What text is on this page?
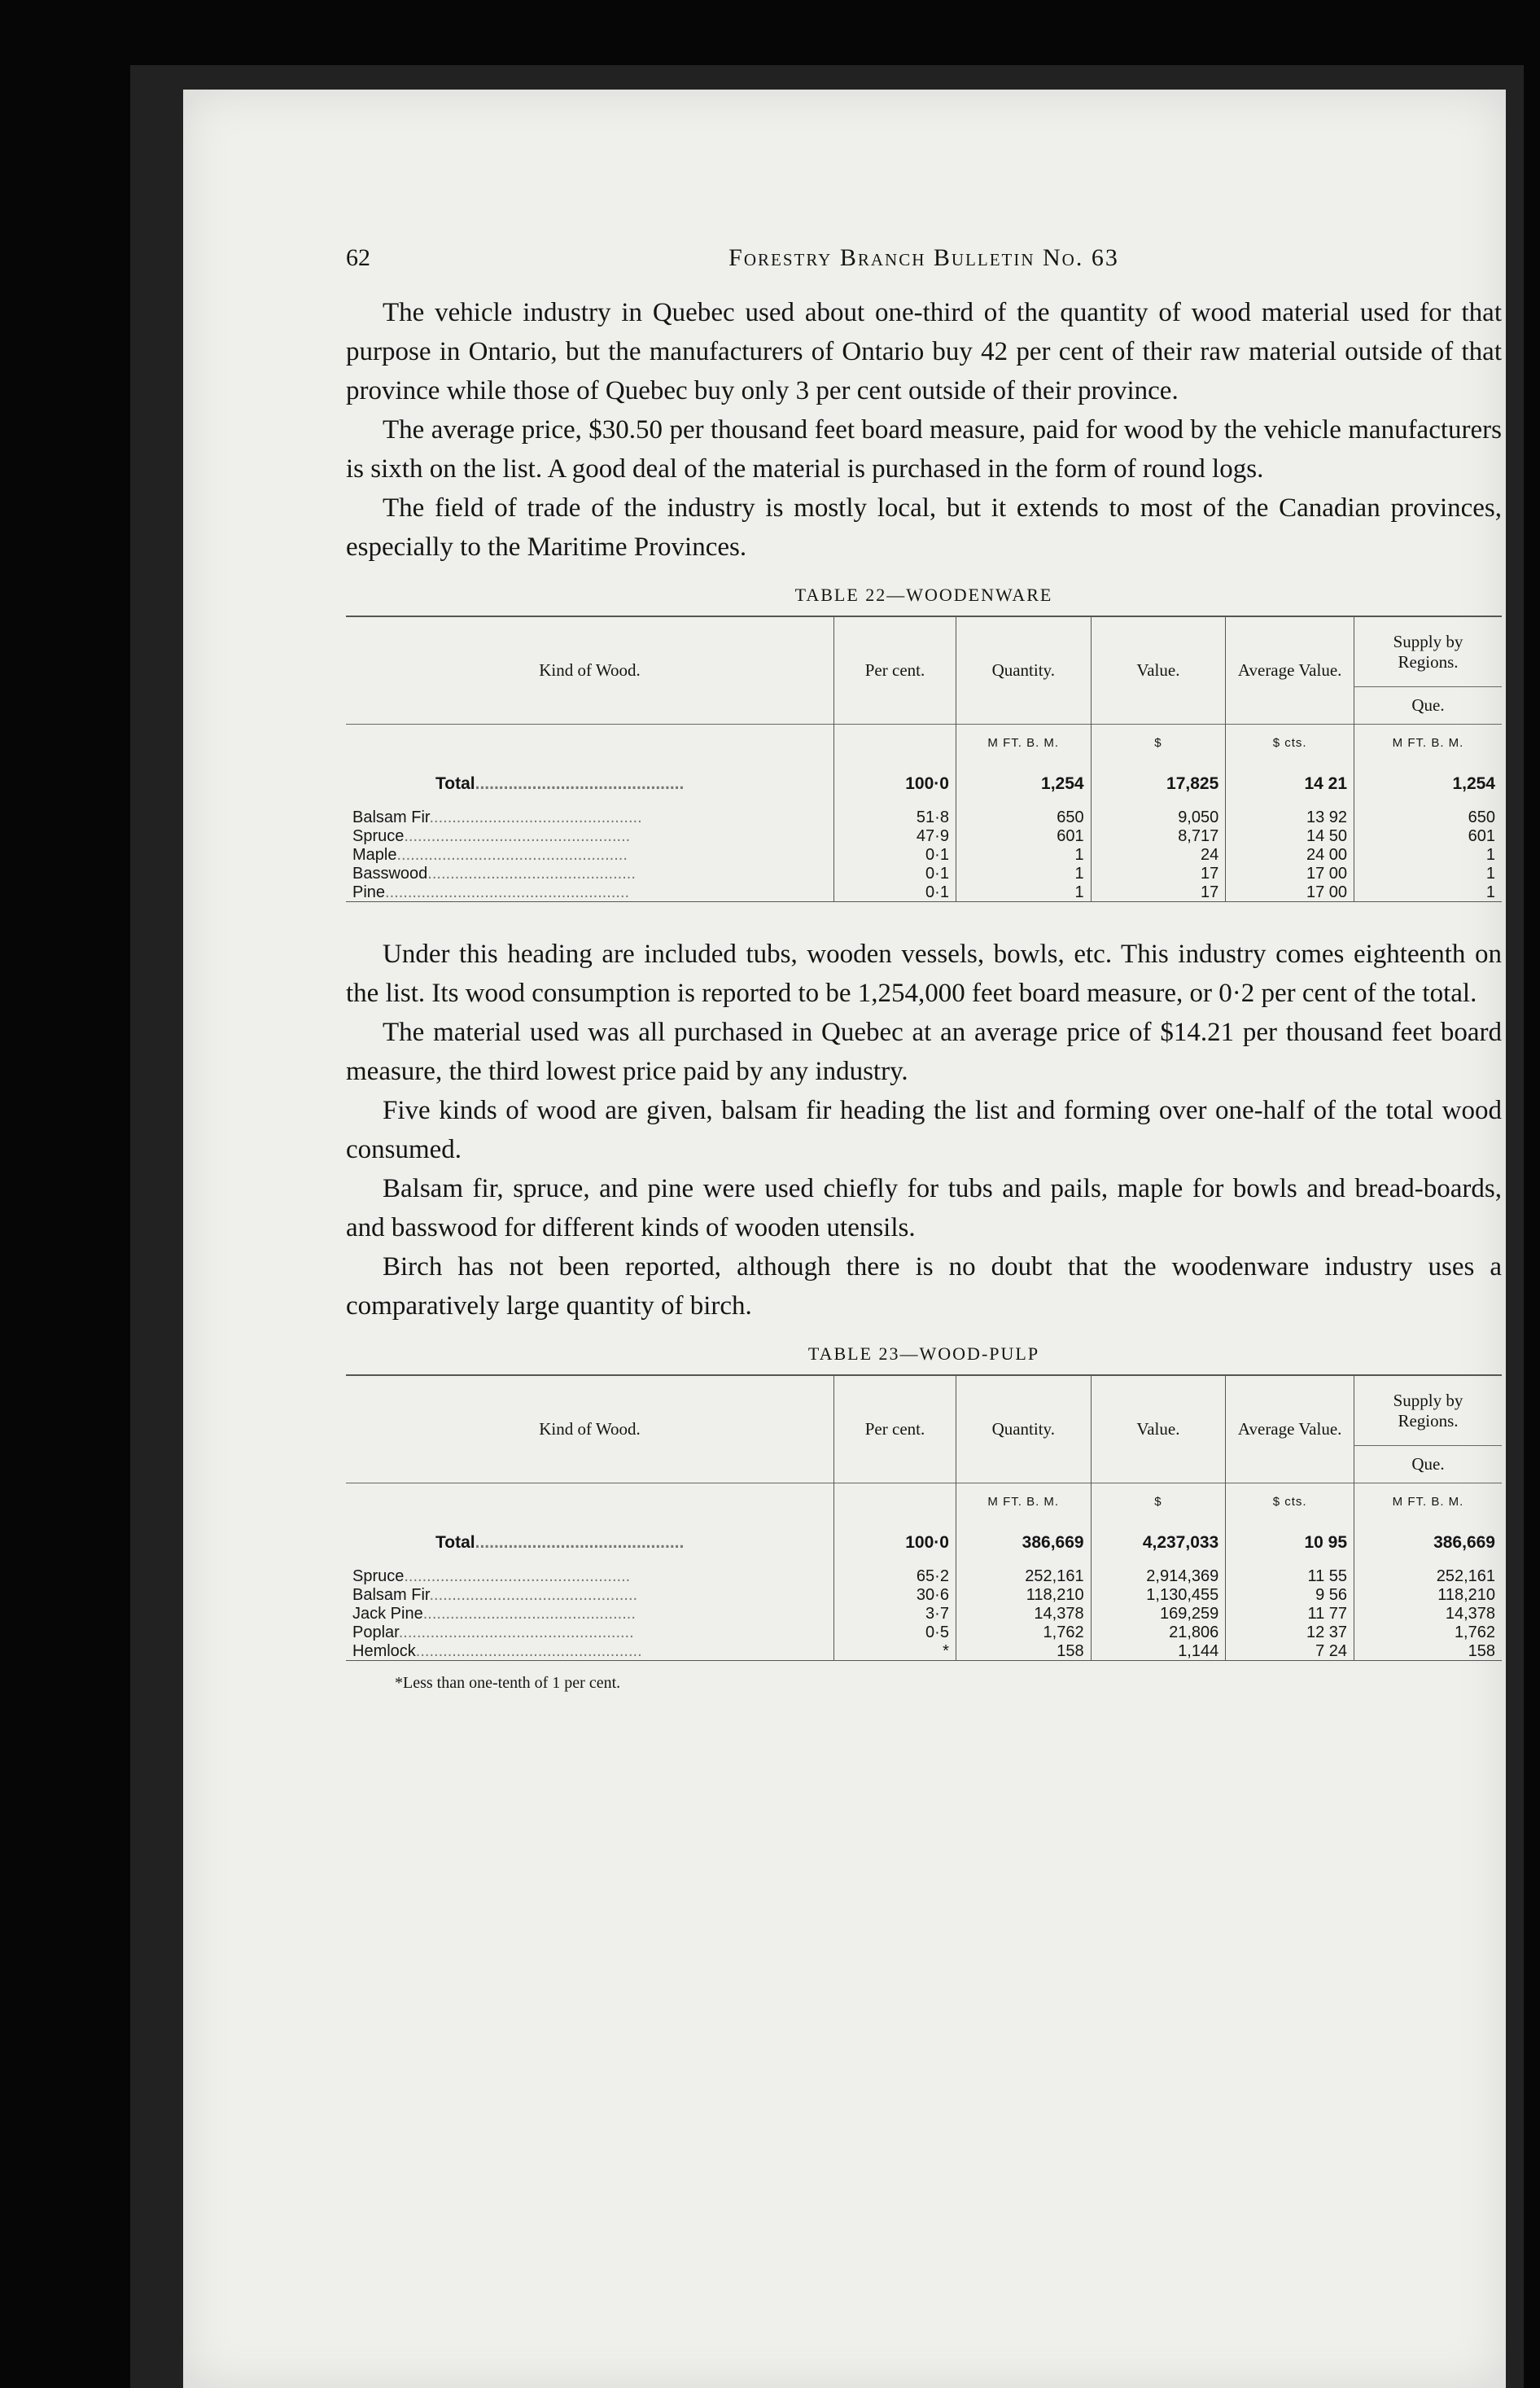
62	Forestry Branch Bulletin No. 63

The vehicle industry in Quebec used about one-third of the quantity of wood material used for that purpose in Ontario, but the manufacturers of Ontario buy 42 per cent of their raw material outside of that province while those of Quebec buy only 3 per cent outside of their province.

The average price, $30.50 per thousand feet board measure, paid for wood by the vehicle manufacturers is sixth on the list. A good deal of the material is purchased in the form of round logs.

The field of trade of the industry is mostly local, but it extends to most of the Canadian provinces, especially to the Maritime Provinces.

TABLE 22—WOODENWARE
Kind of Wood.	Per cent.	Quantity.	Value.	Average Value.	Supply by Regions.
					Que.
		M FT. B. M.	$	$ cts.	M FT. B. M.
Total............................................	100·0	1,254	17,825	14 21	1,254
Balsam Fir...............................................	51·8	650	9,050	13 92	650
Spruce..................................................	47·9	601	8,717	14 50	601
Maple...................................................	0·1	1	24	24 00	1
Basswood..............................................	0·1	1	17	17 00	1
Pine......................................................	0·1	1	17	17 00	1

Under this heading are included tubs, wooden vessels, bowls, etc. This industry comes eighteenth on the list. Its wood consumption is reported to be 1,254,000 feet board measure, or 0·2 per cent of the total.

The material used was all purchased in Quebec at an average price of $14.21 per thousand feet board measure, the third lowest price paid by any industry.

Five kinds of wood are given, balsam fir heading the list and forming over one-half of the total wood consumed.

Balsam fir, spruce, and pine were used chiefly for tubs and pails, maple for bowls and bread-boards, and basswood for different kinds of wooden utensils.

Birch has not been reported, although there is no doubt that the woodenware industry uses a comparatively large quantity of birch.

TABLE 23—WOOD-PULP
Kind of Wood.	Per cent.	Quantity.	Value.	Average Value.	Supply by Regions.
					Que.
		M FT. B. M.	$	$ cts.	M FT. B. M.
Total............................................	100·0	386,669	4,237,033	10 95	386,669
Spruce..................................................	65·2	252,161	2,914,369	11 55	252,161
Balsam Fir..............................................	30·6	118,210	1,130,455	9 56	118,210
Jack Pine...............................................	3·7	14,378	169,259	11 77	14,378
Poplar....................................................	0·5	1,762	21,806	12 37	1,762
Hemlock..................................................	*	158	1,144	7 24	158
*Less than one-tenth of 1 per cent.
